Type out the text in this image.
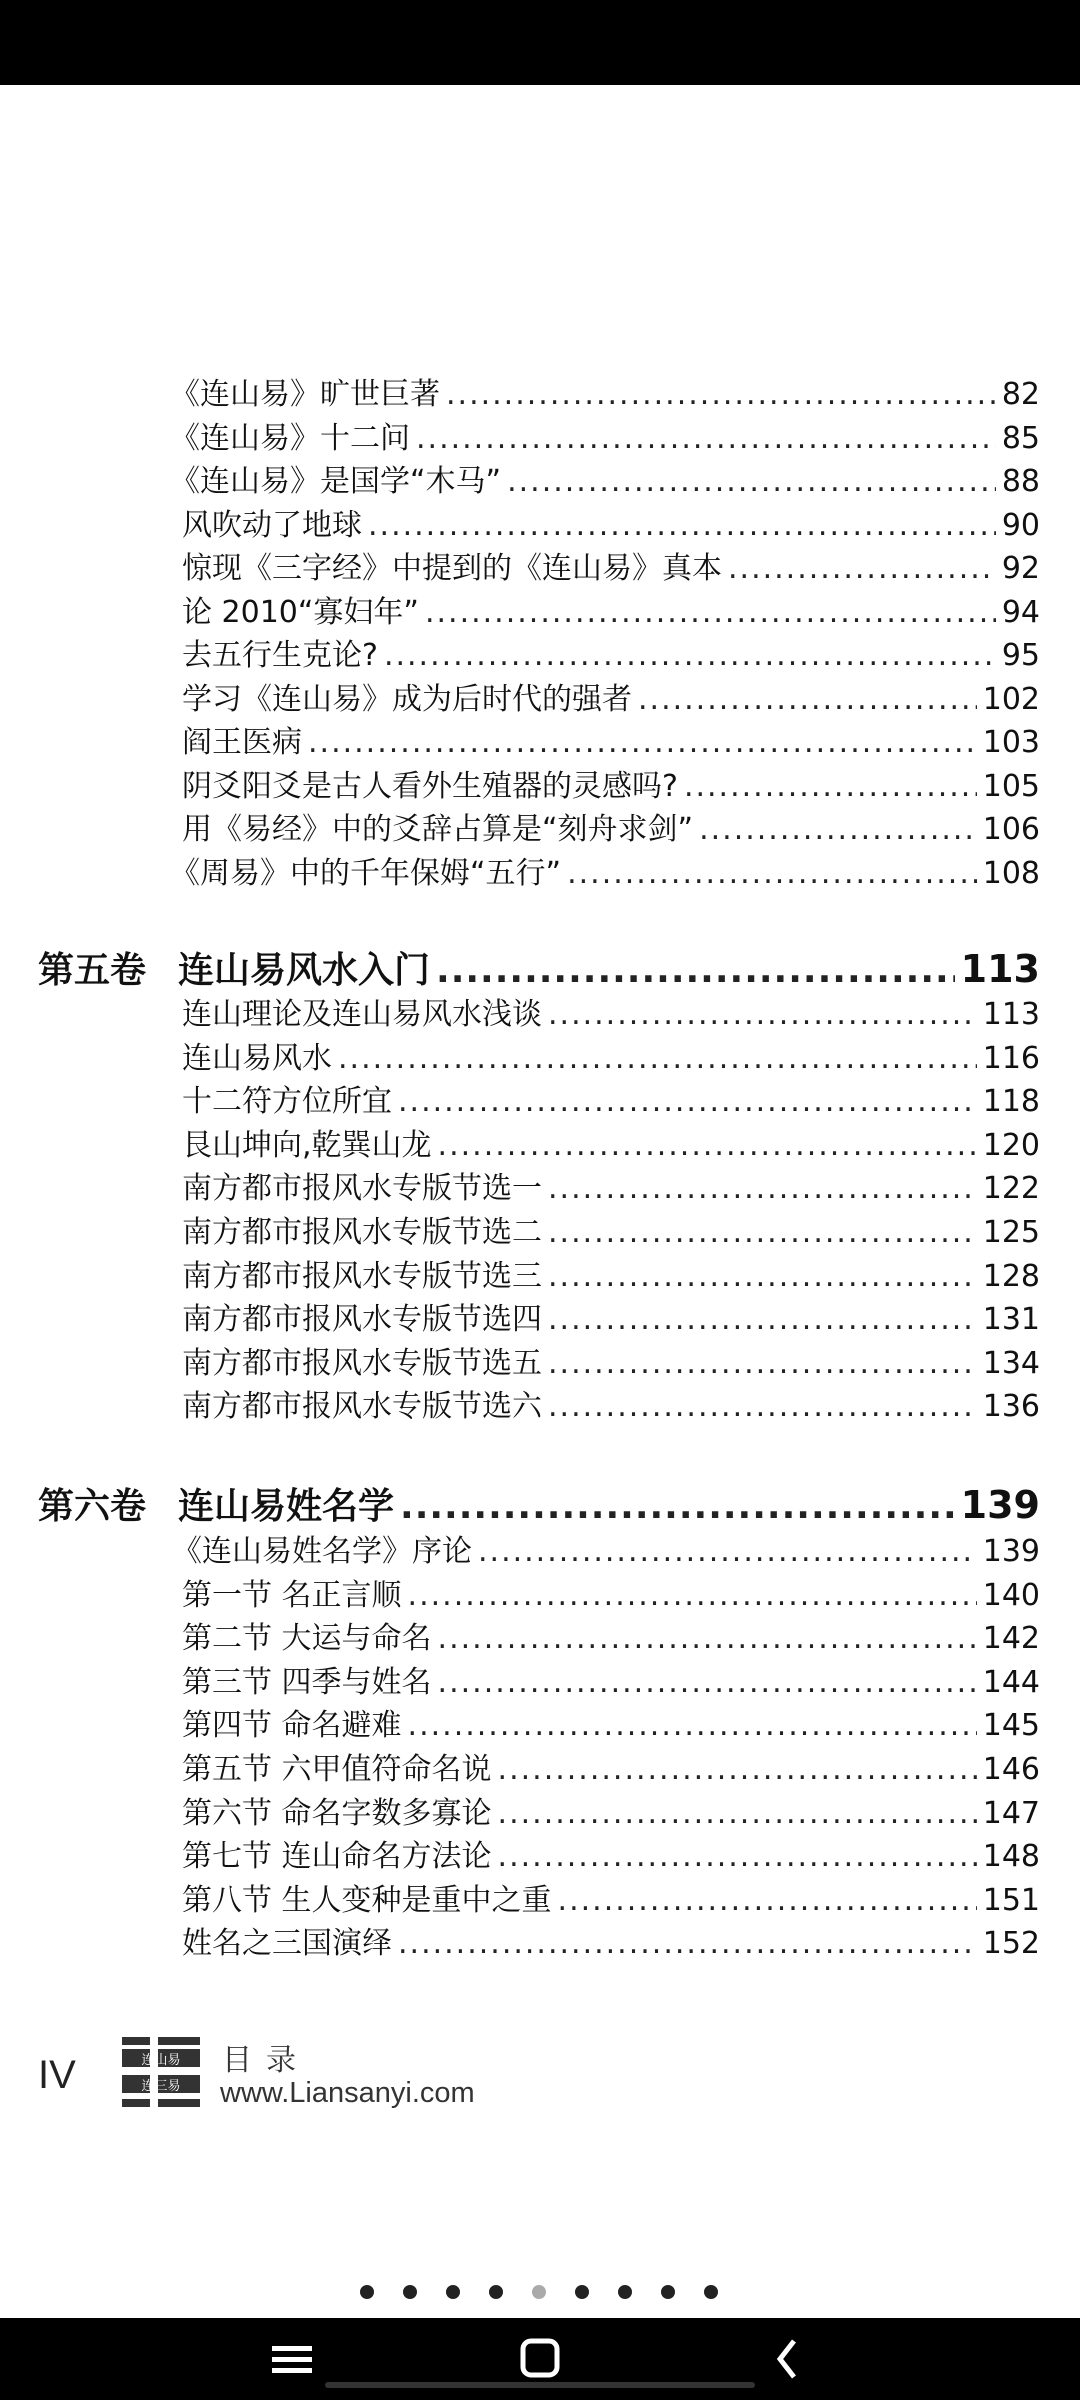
《连山易》旷世巨著 .....	82
《连山易》十二问 .....	85
《连山易》是国学“木马” .....	88
风吹动了地球 .....	90
惊现《三字经》中提到的《连山易》真本 .....	92
论 2010“寡妇年” .....	94
去五行生克论? .....	95
学习《连山易》成为后时代的强者 .....	102
阎王医病 .....	103
阴爻阳爻是古人看外生殖器的灵感吗? .....	105
用《易经》中的爻辞占算是“刻舟求剑” .....	106
《周易》中的千年保姆“五行” .....	108
第五卷 连山易风水入门 .....	113
连山理论及连山易风水浅谈 .....	113
连山易风水 .....	116
十二符方位所宜 .....	118
艮山坤向,乾巽山龙 .....	120
南方都市报风水专版节选一 .....	122
南方都市报风水专版节选二 .....	125
南方都市报风水专版节选三 .....	128
南方都市报风水专版节选四 .....	131
南方都市报风水专版节选五 .....	134
南方都市报风水专版节选六 .....	136
第六卷 连山易姓名学 .....	139
《连山易姓名学》序论 .....	139
第一节 名正言顺 .....	140
第二节 大运与命名 .....	142
第三节 四季与姓名 .....	144
第四节 命名避难 .....	145
第五节 六甲值符命名说 .....	146
第六节 命名字数多寡论 .....	147
第七节 连山命名方法论 .....	148
第八节 生人变种是重中之重 .....	151
姓名之三国演绎 .....	152
IV	连山易
连三易
目录
www.Liansanyi.com
